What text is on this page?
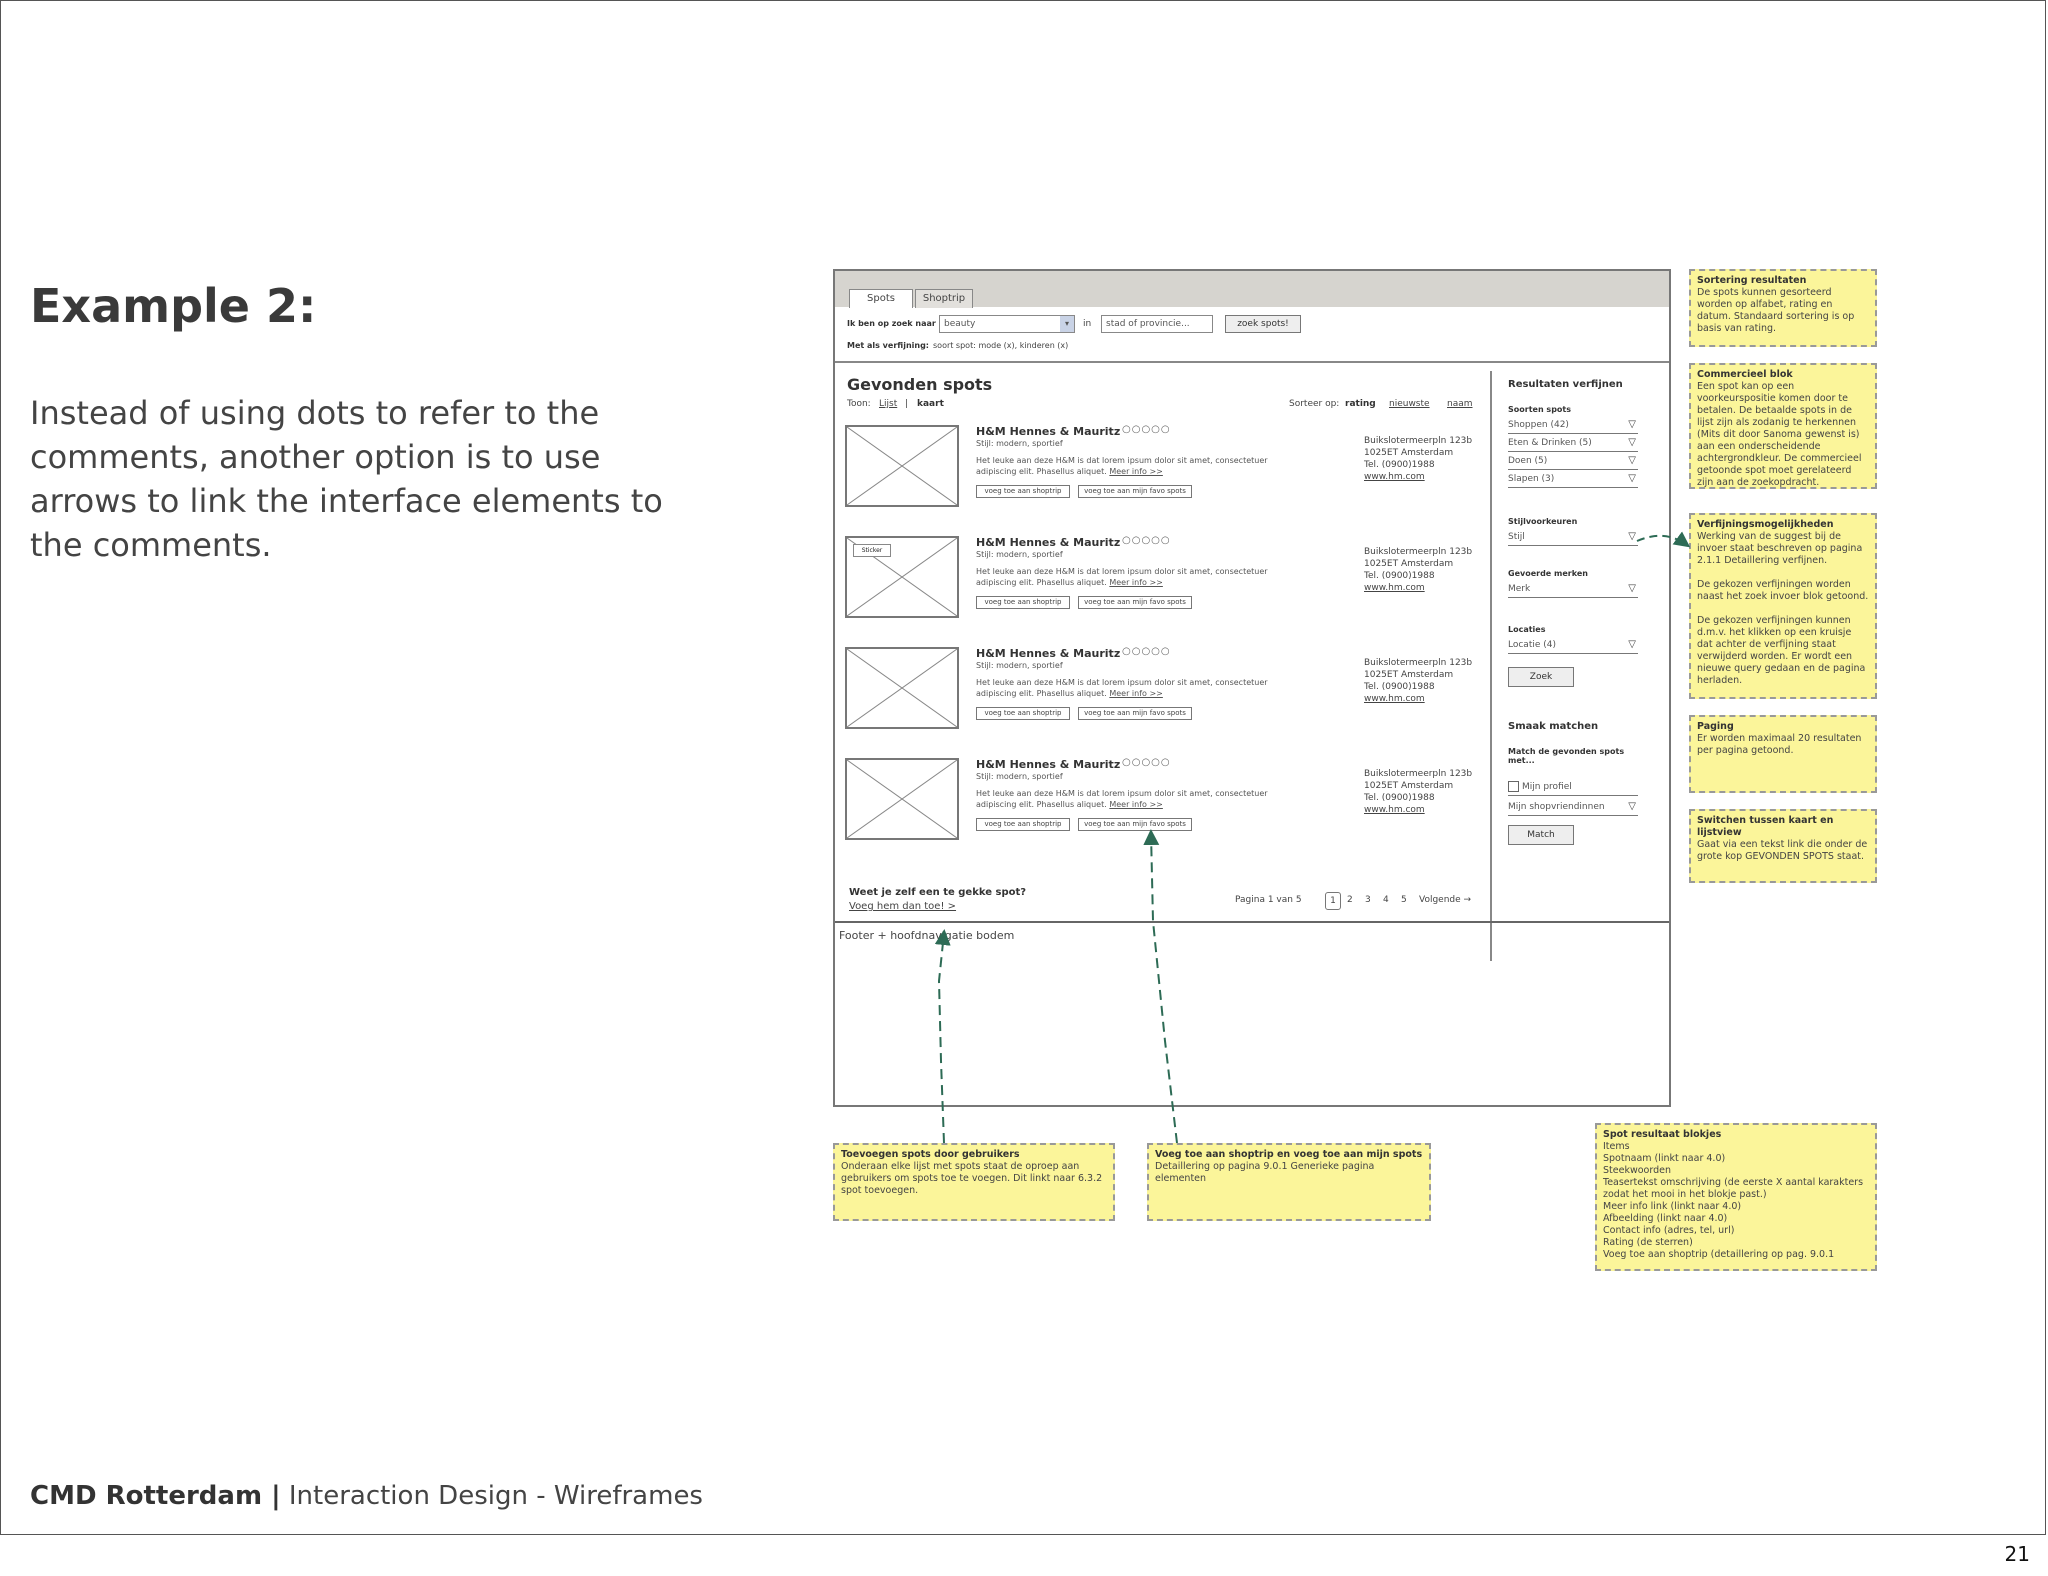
Example 2:

Instead of using dots to refer to the comments, another option is to use arrows to link the interface elements to the comments.

Spots	Shoptrip
Ik ben op zoek naar beauty	▾	in	stad of provincie...	zoek spots!
Met als verfijning: soort spot: mode (x), kinderen (x)
Gevonden spots
Toon: Lijst | kaart	Sorteer op: rating nieuwste naam
H&M Hennes & Mauritz ○○○○○
Stijl: modern, sportief
Het leuke aan deze H&M is dat lorem ipsum dolor sit amet, consectetuer adipiscing elit. Phasellus aliquet. Meer info >>
voeg toe aan shoptrip	voeg toe aan mijn favo spots
Buikslotermeerpln 123b
1025ET Amsterdam
Tel. (0900)1988
www.hm.com
Sticker
H&M Hennes & Mauritz ○○○○○
Stijl: modern, sportief
Het leuke aan deze H&M is dat lorem ipsum dolor sit amet, consectetuer adipiscing elit. Phasellus aliquet. Meer info >>
voeg toe aan shoptrip	voeg toe aan mijn favo spots
Buikslotermeerpln 123b
1025ET Amsterdam
Tel. (0900)1988
www.hm.com
H&M Hennes & Mauritz ○○○○○
Stijl: modern, sportief
Het leuke aan deze H&M is dat lorem ipsum dolor sit amet, consectetuer adipiscing elit. Phasellus aliquet. Meer info >>
voeg toe aan shoptrip	voeg toe aan mijn favo spots
Buikslotermeerpln 123b
1025ET Amsterdam
Tel. (0900)1988
www.hm.com
H&M Hennes & Mauritz ○○○○○
Stijl: modern, sportief
Het leuke aan deze H&M is dat lorem ipsum dolor sit amet, consectetuer adipiscing elit. Phasellus aliquet. Meer info >>
voeg toe aan shoptrip	voeg toe aan mijn favo spots
Buikslotermeerpln 123b
1025ET Amsterdam
Tel. (0900)1988
www.hm.com
Weet je zelf een te gekke spot?
Voeg hem dan toe! >
Pagina 1 van 5	1	2 3 4 5 Volgende →
Resultaten verfijnen
Soorten spots
Shoppen (42)	▽
Eten & Drinken (5)	▽
Doen (5)	▽
Slapen (3)	▽
Stijlvoorkeuren
Stijl	▽
Gevoerde merken
Merk	▽
Locaties
Locatie (4)	▽
Zoek
Smaak matchen
Match de gevonden spots met...
Mijn profiel
Mijn shopvriendinnen ▽
Match
Footer + hoofdnavigatie bodem
Sortering resultaten
De spots kunnen gesorteerd worden op alfabet, rating en datum. Standaard sortering is op basis van rating.
Commercieel blok
Een spot kan op een voorkeurspositie komen door te betalen. De betaalde spots in de lijst zijn als zodanig te herkennen (Mits dit door Sanoma gewenst is) aan een onderscheidende achtergrondkleur. De commercieel getoonde spot moet gerelateerd zijn aan de zoekopdracht.
Verfijningsmogelijkheden
Werking van de suggest bij de invoer staat beschreven op pagina 2.1.1 Detaillering verfijnen.

De gekozen verfijningen worden naast het zoek invoer blok getoond.

De gekozen verfijningen kunnen d.m.v. het klikken op een kruisje dat achter de verfijning staat verwijderd worden. Er wordt een nieuwe query gedaan en de pagina herladen.
Paging
Er worden maximaal 20 resultaten per pagina getoond.
Switchen tussen kaart en lijstview
Gaat via een tekst link die onder de grote kop GEVONDEN SPOTS staat.
Toevoegen spots door gebruikers
Onderaan elke lijst met spots staat de oproep aan gebruikers om spots toe te voegen. Dit linkt naar 6.3.2 spot toevoegen.
Voeg toe aan shoptrip en voeg toe aan mijn spots
Detaillering op pagina 9.0.1 Generieke pagina elementen
Spot resultaat blokjes
Items
Spotnaam (linkt naar 4.0)
Steekwoorden
Teasertekst omschrijving (de eerste X aantal karakters zodat het mooi in het blokje past.)
Meer info link (linkt naar 4.0)
Afbeelding (linkt naar 4.0)
Contact info (adres, tel, url)
Rating (de sterren)
Voeg toe aan shoptrip (detaillering op pag. 9.0.1
CMD Rotterdam | Interaction Design - Wireframes
21
